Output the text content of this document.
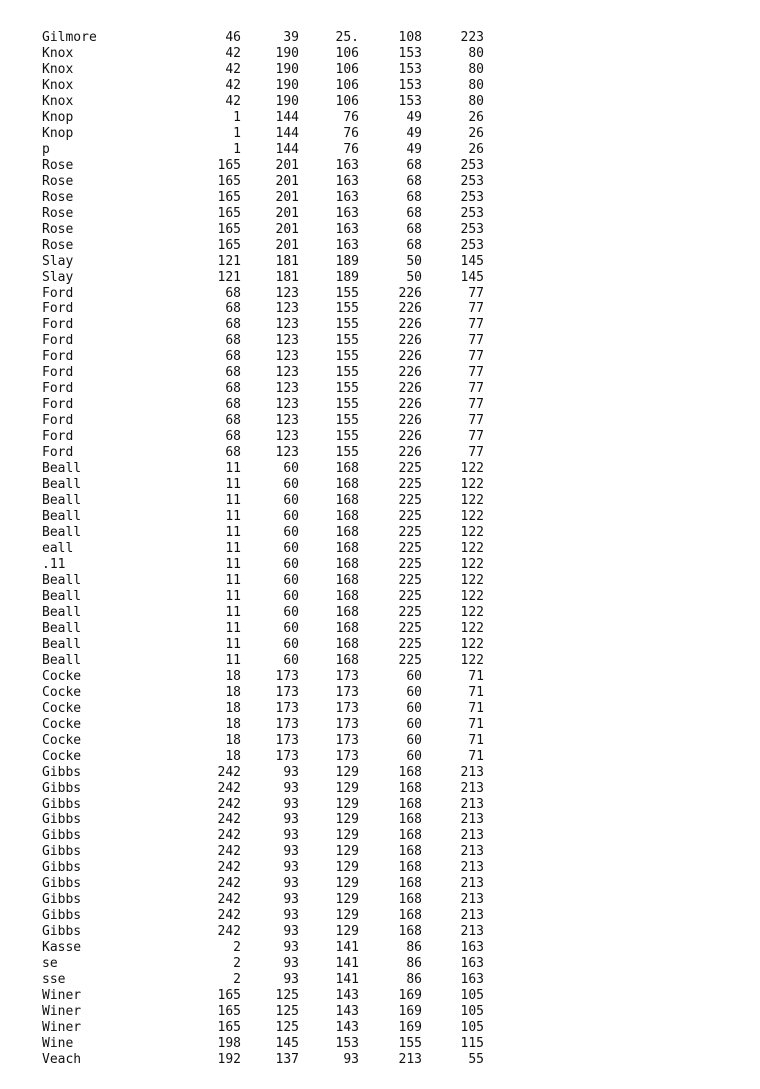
Gilmore	46	39	25.	108	223
Knox	42	190	106	153	80
Knox	42	190	106	153	80
Knox	42	190	106	153	80
Knox	42	190	106	153	80
Knop	1	144	76	49	26
Knop	1	144	76	49	26
p	1	144	76	49	26
Rose	165	201	163	68	253
Rose	165	201	163	68	253
Rose	165	201	163	68	253
Rose	165	201	163	68	253
Rose	165	201	163	68	253
Rose	165	201	163	68	253
Slay	121	181	189	50	145
Slay	121	181	189	50	145
Ford	68	123	155	226	77
Ford	68	123	155	226	77
Ford	68	123	155	226	77
Ford	68	123	155	226	77
Ford	68	123	155	226	77
Ford	68	123	155	226	77
Ford	68	123	155	226	77
Ford	68	123	155	226	77
Ford	68	123	155	226	77
Ford	68	123	155	226	77
Ford	68	123	155	226	77
Beall	11	60	168	225	122
Beall	11	60	168	225	122
Beall	11	60	168	225	122
Beall	11	60	168	225	122
Beall	11	60	168	225	122
eall	11	60	168	225	122
.11	11	60	168	225	122
Beall	11	60	168	225	122
Beall	11	60	168	225	122
Beall	11	60	168	225	122
Beall	11	60	168	225	122
Beall	11	60	168	225	122
Beall	11	60	168	225	122
Cocke	18	173	173	60	71
Cocke	18	173	173	60	71
Cocke	18	173	173	60	71
Cocke	18	173	173	60	71
Cocke	18	173	173	60	71
Cocke	18	173	173	60	71
Gibbs	242	93	129	168	213
Gibbs	242	93	129	168	213
Gibbs	242	93	129	168	213
Gibbs	242	93	129	168	213
Gibbs	242	93	129	168	213
Gibbs	242	93	129	168	213
Gibbs	242	93	129	168	213
Gibbs	242	93	129	168	213
Gibbs	242	93	129	168	213
Gibbs	242	93	129	168	213
Gibbs	242	93	129	168	213
Kasse	2	93	141	86	163
se	2	93	141	86	163
sse	2	93	141	86	163
Winer	165	125	143	169	105
Winer	165	125	143	169	105
Winer	165	125	143	169	105
Wine	198	145	153	155	115
Veach	192	137	93	213	55
